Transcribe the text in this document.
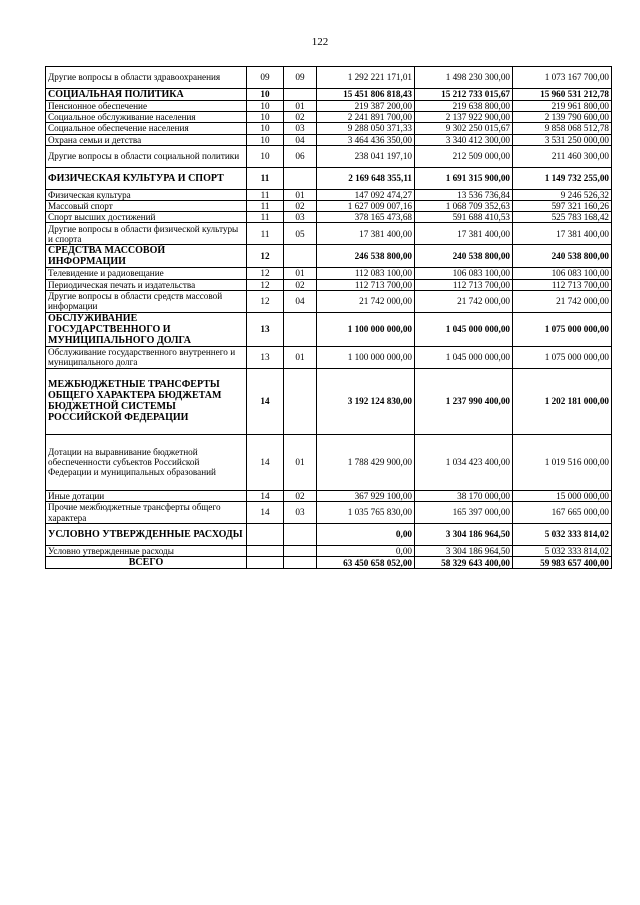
122
Другие вопросы в области здравоохранения	09	09	1 292 221 171,01	1 498 230 300,00	1 073 167 700,00
СОЦИАЛЬНАЯ ПОЛИТИКА	10		15 451 806 818,43	15 212 733 015,67	15 960 531 212,78
Пенсионное обеспечение	10	01	219 387 200,00	219 638 800,00	219 961 800,00
Социальное обслуживание населения	10	02	2 241 891 700,00	2 137 922 900,00	2 139 790 600,00
Социальное обеспечение населения	10	03	9 288 050 371,33	9 302 250 015,67	9 858 068 512,78
Охрана семьи и детства	10	04	3 464 436 350,00	3 340 412 300,00	3 531 250 000,00
Другие вопросы в области социальной политики	10	06	238 041 197,10	212 509 000,00	211 460 300,00
ФИЗИЧЕСКАЯ КУЛЬТУРА И СПОРТ	11		2 169 648 355,11	1 691 315 900,00	1 149 732 255,00
Физическая культура	11	01	147 092 474,27	13 536 736,84	9 246 526,32
Массовый спорт	11	02	1 627 009 007,16	1 068 709 352,63	597 321 160,26
Спорт высших достижений	11	03	378 165 473,68	591 688 410,53	525 783 168,42
Другие вопросы в области физической культуры и спорта	11	05	17 381 400,00	17 381 400,00	17 381 400,00
СРЕДСТВА МАССОВОЙ ИНФОРМАЦИИ	12		246 538 800,00	240 538 800,00	240 538 800,00
Телевидение и радиовещание	12	01	112 083 100,00	106 083 100,00	106 083 100,00
Периодическая печать и издательства	12	02	112 713 700,00	112 713 700,00	112 713 700,00
Другие вопросы в области средств массовой информации	12	04	21 742 000,00	21 742 000,00	21 742 000,00
ОБСЛУЖИВАНИЕ ГОСУДАРСТВЕННОГО И МУНИЦИПАЛЬНОГО ДОЛГА	13		1 100 000 000,00	1 045 000 000,00	1 075 000 000,00
Обслуживание государственного внутреннего и муниципального долга	13	01	1 100 000 000,00	1 045 000 000,00	1 075 000 000,00
МЕЖБЮДЖЕТНЫЕ ТРАНСФЕРТЫ ОБЩЕГО ХАРАКТЕРА БЮДЖЕТАМ БЮДЖЕТНОЙ СИСТЕМЫ РОССИЙСКОЙ ФЕДЕРАЦИИ	14		3 192 124 830,00	1 237 990 400,00	1 202 181 000,00
Дотации на выравнивание бюджетной обеспеченности субъектов Российской Федерации и муниципальных образований	14	01	1 788 429 900,00	1 034 423 400,00	1 019 516 000,00
Иные дотации	14	02	367 929 100,00	38 170 000,00	15 000 000,00
Прочие межбюджетные трансферты общего характера	14	03	1 035 765 830,00	165 397 000,00	167 665 000,00
УСЛОВНО УТВЕРЖДЕННЫЕ РАСХОДЫ			0,00	3 304 186 964,50	5 032 333 814,02
Условно утвержденные расходы			0,00	3 304 186 964,50	5 032 333 814,02
ВСЕГО			63 450 658 052,00	58 329 643 400,00	59 983 657 400,00
